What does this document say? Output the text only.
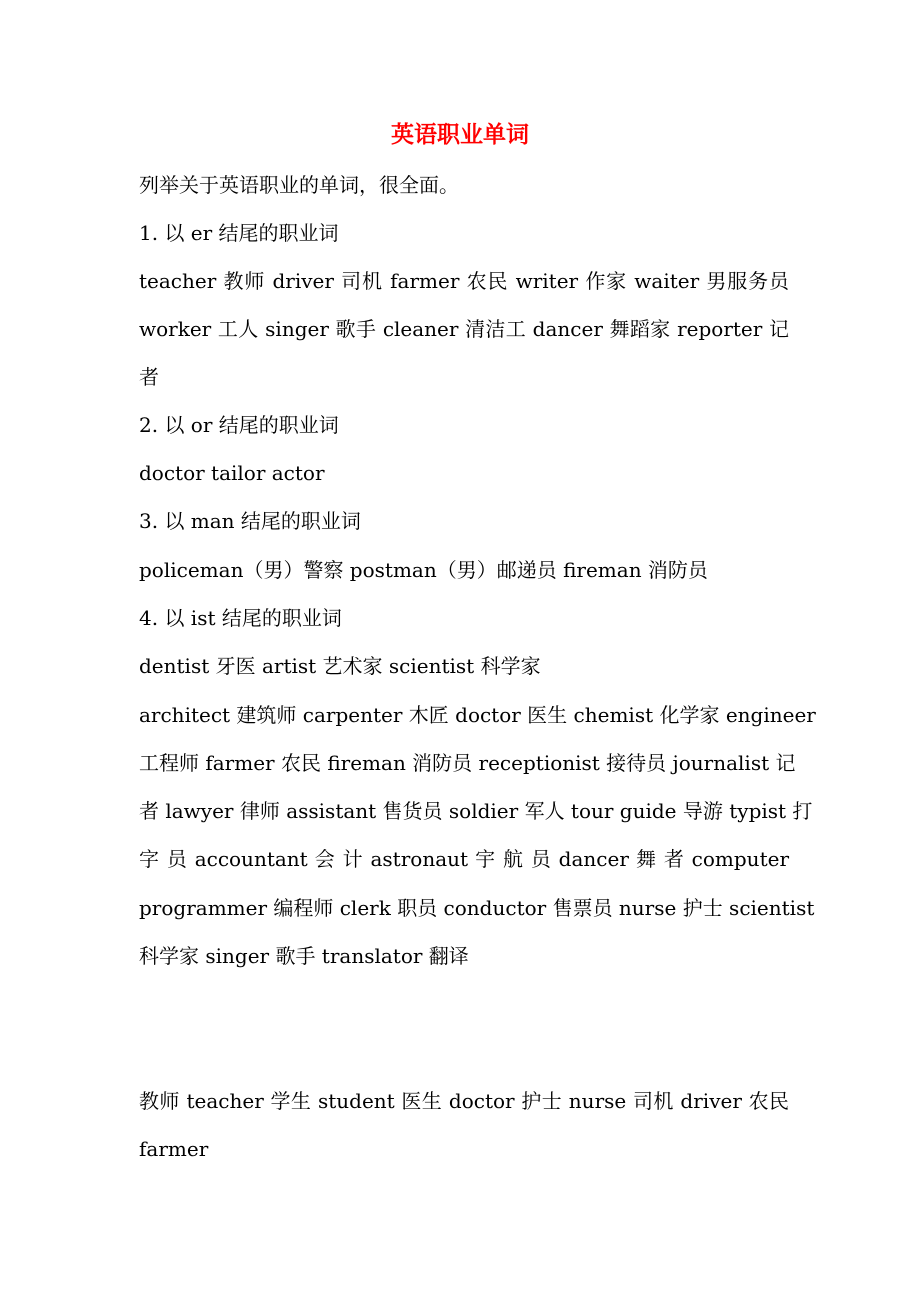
英语职业单词
列举关于英语职业的单词，很全面。
1. 以 er 结尾的职业词
teacher 教师 driver 司机 farmer 农民 writer 作家 waiter 男服务员
worker 工人 singer 歌手 cleaner 清洁工 dancer 舞蹈家 reporter 记
者
2. 以 or 结尾的职业词
doctor tailor actor
3. 以 man 结尾的职业词
policeman（男）警察 postman（男）邮递员 fireman 消防员
4. 以 ist 结尾的职业词
dentist 牙医 artist 艺术家 scientist 科学家
architect 建筑师 carpenter 木匠 doctor 医生 chemist 化学家 engineer
工程师 farmer 农民 fireman 消防员 receptionist 接待员 journalist 记
者 lawyer 律师 assistant 售货员 soldier 军人 tour guide 导游 typist 打
字 员 accountant 会 计 astronaut 宇 航 员 dancer 舞 者 computer
programmer 编程师 clerk 职员 conductor 售票员 nurse 护士 scientist
科学家 singer 歌手 translator 翻译
教师 teacher 学生 student 医生 doctor 护士 nurse 司机 driver 农民
farmer
